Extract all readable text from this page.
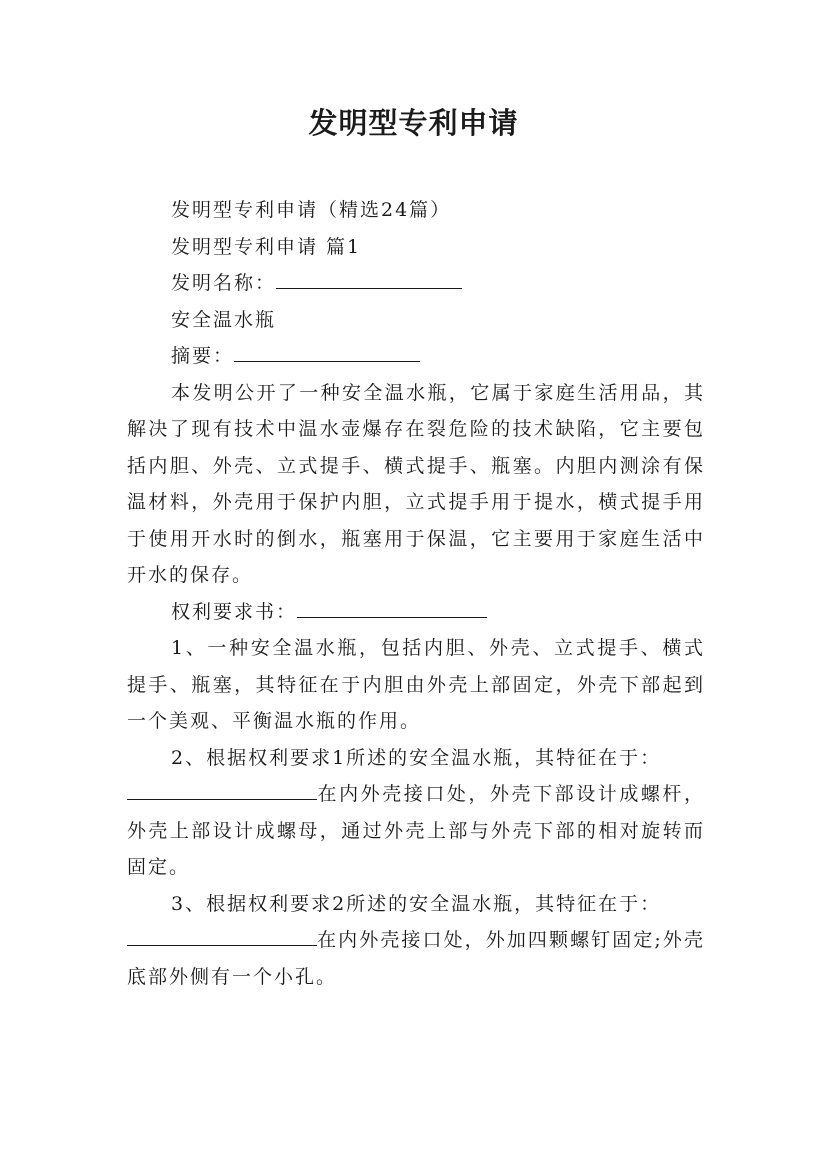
发明型专利申请

发明型专利申请（精选24篇）

发明型专利申请 篇1

发明名称：

安全温水瓶

摘要：

本发明公开了一种安全温水瓶，它属于家庭生活用品，其解决了现有技术中温水壶爆存在裂危险的技术缺陷，它主要包括内胆、外壳、立式提手、横式提手、瓶塞。内胆内测涂有保温材料，外壳用于保护内胆，立式提手用于提水，横式提手用于使用开水时的倒水，瓶塞用于保温，它主要用于家庭生活中开水的保存。

权利要求书：

1、一种安全温水瓶，包括内胆、外壳、立式提手、横式提手、瓶塞，其特征在于内胆由外壳上部固定，外壳下部起到一个美观、平衡温水瓶的作用。

2、根据权利要求1所述的安全温水瓶，其特征在于：

在内外壳接口处，外壳下部设计成螺杆，外壳上部设计成螺母，通过外壳上部与外壳下部的相对旋转而固定。

3、根据权利要求2所述的安全温水瓶，其特征在于：

在内外壳接口处，外加四颗螺钉固定;外壳底部外侧有一个小孔。
